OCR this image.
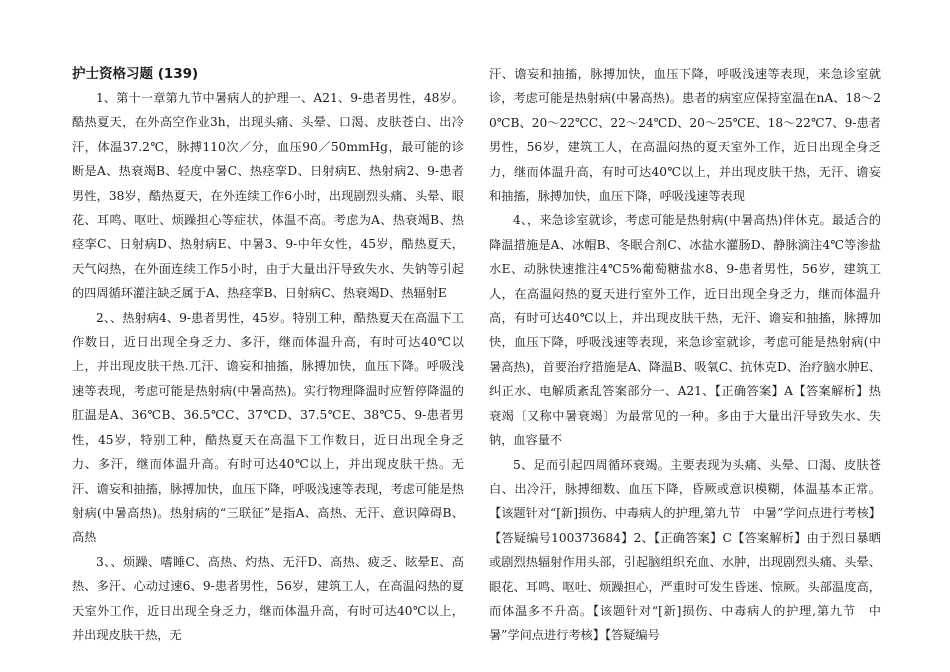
护士资格习题 (139)

1、第十一章第九节中暑病人的护理一、A21、9-患者男性，48岁。酷热夏天，在外高空作业3h，出现头痛、头晕、口渴、皮肤苍白、出冷汗，体温37.2℃，脉搏110次／分，血压90／50mmHg，最可能的诊断是A、热衰竭B、轻度中暑C、热痉挛D、日射病E、热射病2、9-患者男性，38岁，酷热夏天，在外连续工作6小时，出现剧烈头痛、头晕、眼花、耳鸣、呕吐、烦躁担心等症状，体温不高。考虑为A、热衰竭B、热痉挛C、日射病D、热射病E、中暑3、9-中年女性，45岁，酷热夏天，天气闷热，在外面连续工作5小时，由于大量出汗导致失水、失钠等引起的四周循环灌注缺乏属于A、热痉挛B、日射病C、热衰竭D、热辐射E

2、、热射病4、9-患者男性，45岁。特别工种，酷热夏天在高温下工作数日，近日出现全身乏力、多汗，继而体温升高，有时可达40℃以上，并出现皮肤干热.兀汗、谵妄和抽搐，脉搏加快，血压下降。呼吸浅速等表现，考虑可能是热射病(中暑高热)。实行物理降温时应暂停降温的肛温是A、36℃B、36.5℃C、37℃D、37.5℃E、38℃5、9-患者男性，45岁，特别工种，酷热夏天在高温下工作数日，近日出现全身乏力、多汗，继而体温升高。有时可达40℃以上，并出现皮肤干热。无汗、谵妄和抽搐，脉搏加快，血压下降，呼吸浅速等表现，考虑可能是热射病(中暑高热)。热射病的“三联征”是指A、高热、无汗、意识障碍B、高热

3、、烦躁、嗜睡C、高热、灼热、无汗D、高热、疲乏、眩晕E、高热、多汗、心动过速6、9-患者男性，56岁，建筑工人，在高温闷热的夏天室外工作，近日出现全身乏力，继而体温升高，有时可达40℃以上，并出现皮肤干热，无

汗、谵妄和抽搐，脉搏加快，血压下降，呼吸浅速等表现，来急诊室就诊，考虑可能是热射病(中暑高热)。患者的病室应保持室温在nA、18～20℃B、20～22℃C、22～24℃D、20～25℃E、18～22℃7、9-患者男性，56岁，建筑工人，在高温闷热的夏天室外工作，近日出现全身乏力，继而体温升高，有时可达40℃以上，并出现皮肤干热，无汗、谵妄和抽搐，脉搏加快，血压下降，呼吸浅速等表现

4、，来急诊室就诊，考虑可能是热射病(中暑高热)伴休克。最适合的降温措施是A、冰帽B、冬眠合剂C、冰盐水灌肠D、静脉滴注4℃等渗盐水E、动脉快速推注4℃5%葡萄糖盐水8、9-患者男性，56岁，建筑工人，在高温闷热的夏天进行室外工作，近日出现全身乏力，继而体温升高，有时可达40℃以上，并出现皮肤干热，无汗、谵妄和抽搐，脉搏加快，血压下降，呼吸浅速等表现，来急诊室就诊，考虑可能是热射病(中暑高热)，首要治疗措施是A、降温B、吸氧C、抗休克D、治疗脑水肿E、纠正水、电解质紊乱答案部分一、A21、【正确答案】A【答案解析】热衰竭〔又称中暑衰竭〕为最常见的一种。多由于大量出汗导致失水、失钠，血容量不

5、足而引起四周循环衰竭。主要表现为头痛、头晕、口渴、皮肤苍白、出冷汗，脉搏细数、血压下降，昏厥或意识模糊，体温基本正常。【该题针对“[新]损伤、中毒病人的护理,第九节　中暑”学问点进行考核】【答疑编号100373684】2、【正确答案】C【答案解析】由于烈日暴晒或剧烈热辐射作用头部，引起脑组织充血、水肿，出现剧烈头痛、头晕、眼花、耳鸣、呕吐、烦躁担心，严重时可发生昏迷、惊厥。头部温度高，而体温多不升高。【该题针对“[新]损伤、中毒病人的护理,第九节　中暑”学问点进行考核】【答疑编号
